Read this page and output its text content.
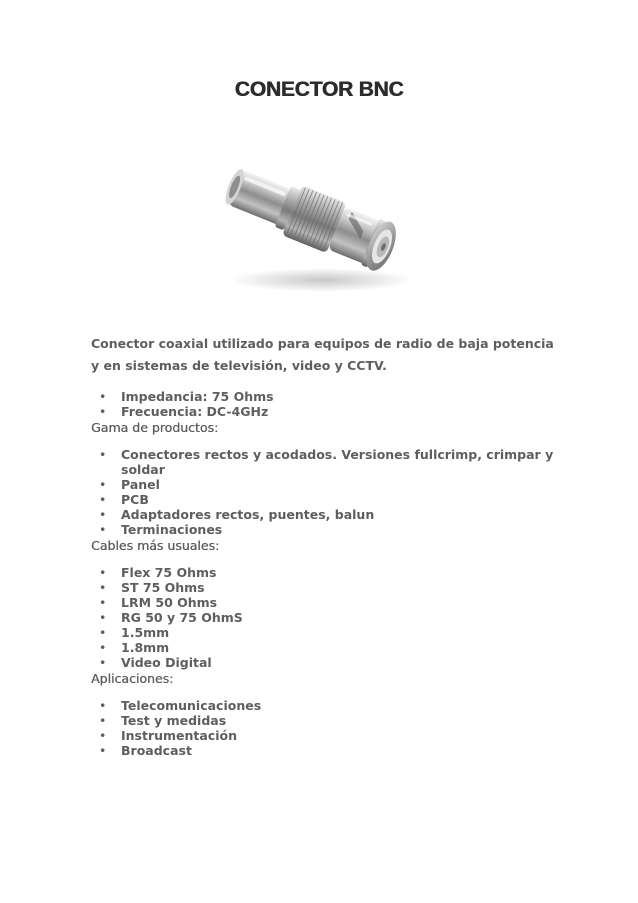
CONECTOR BNC

Conector coaxial utilizado para equipos de radio de baja potencia y en sistemas de televisión, video y CCTV.

• Impedancia: 75 Ohms
• Frecuencia: DC-4GHz

Gama de productos:

• Conectores rectos y acodados. Versiones fullcrimp, crimpar y soldar
• Panel
• PCB
• Adaptadores rectos, puentes, balun
• Terminaciones

Cables más usuales:

• Flex 75 Ohms
• ST 75 Ohms
• LRM 50 Ohms
• RG 50 y 75 OhmS
• 1.5mm
• 1.8mm
• Video Digital

Aplicaciones:

• Telecomunicaciones
• Test y medidas
• Instrumentación
• Broadcast
